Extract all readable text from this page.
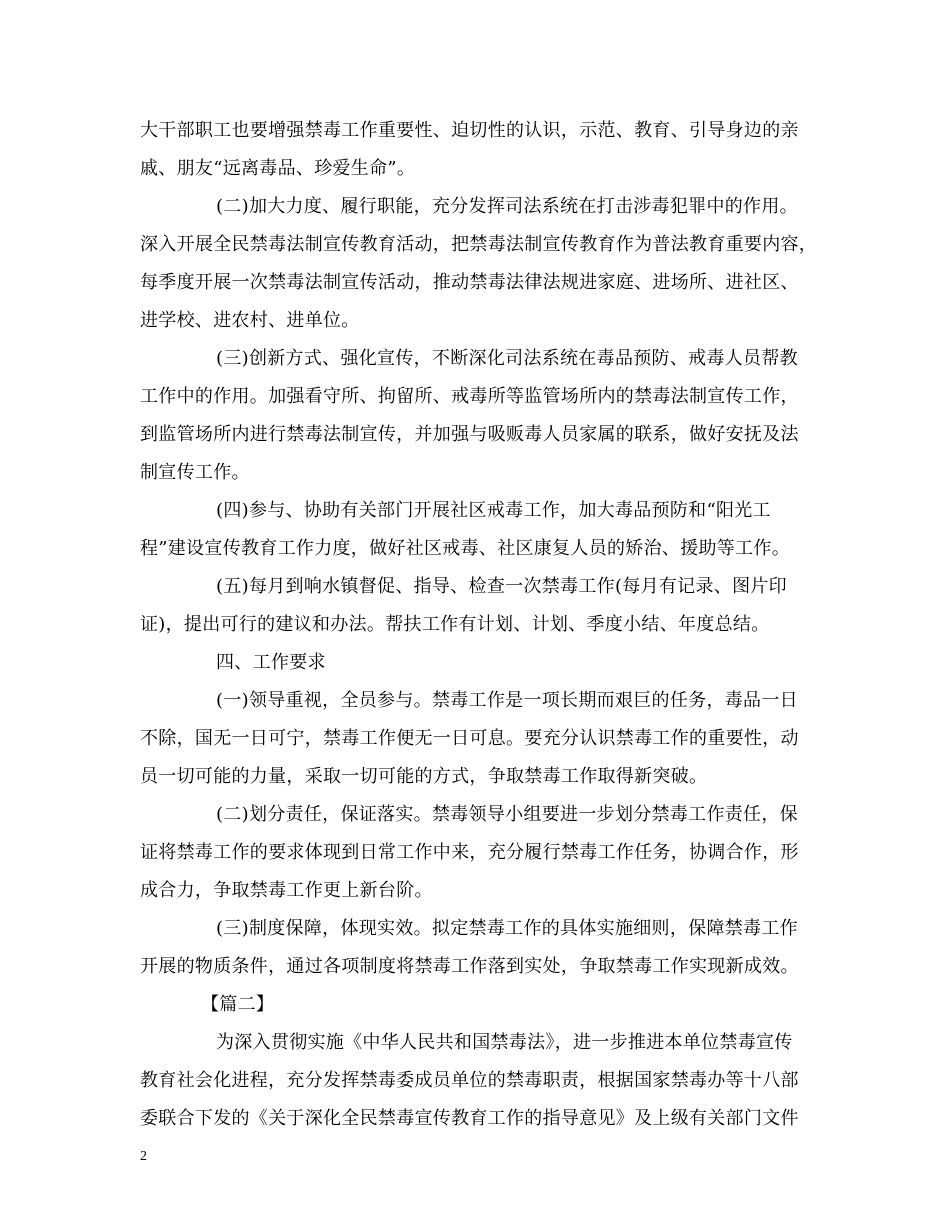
大干部职工也要增强禁毒工作重要性、迫切性的认识，示范、教育、引导身边的亲
戚、朋友“远离毒品、珍爱生命”。
(二)加大力度、履行职能，充分发挥司法系统在打击涉毒犯罪中的作用。
深入开展全民禁毒法制宣传教育活动，把禁毒法制宣传教育作为普法教育重要内容，
每季度开展一次禁毒法制宣传活动，推动禁毒法律法规进家庭、进场所、进社区、
进学校、进农村、进单位。
(三)创新方式、强化宣传，不断深化司法系统在毒品预防、戒毒人员帮教
工作中的作用。加强看守所、拘留所、戒毒所等监管场所内的禁毒法制宣传工作，
到监管场所内进行禁毒法制宣传，并加强与吸贩毒人员家属的联系，做好安抚及法
制宣传工作。
(四)参与、协助有关部门开展社区戒毒工作，加大毒品预防和“阳光工
程”建设宣传教育工作力度，做好社区戒毒、社区康复人员的矫治、援助等工作。
(五)每月到响水镇督促、指导、检查一次禁毒工作(每月有记录、图片印
证)，提出可行的建议和办法。帮扶工作有计划、计划、季度小结、年度总结。
四、工作要求
(一)领导重视，全员参与。禁毒工作是一项长期而艰巨的任务，毒品一日
不除，国无一日可宁，禁毒工作便无一日可息。要充分认识禁毒工作的重要性，动
员一切可能的力量，采取一切可能的方式，争取禁毒工作取得新突破。
(二)划分责任，保证落实。禁毒领导小组要进一步划分禁毒工作责任，保
证将禁毒工作的要求体现到日常工作中来，充分履行禁毒工作任务，协调合作，形
成合力，争取禁毒工作更上新台阶。
(三)制度保障，体现实效。拟定禁毒工作的具体实施细则，保障禁毒工作
开展的物质条件，通过各项制度将禁毒工作落到实处，争取禁毒工作实现新成效。
【篇二】
为深入贯彻实施《中华人民共和国禁毒法》，进一步推进本单位禁毒宣传
教育社会化进程，充分发挥禁毒委成员单位的禁毒职责，根据国家禁毒办等十八部
委联合下发的《关于深化全民禁毒宣传教育工作的指导意见》及上级有关部门文件
2
